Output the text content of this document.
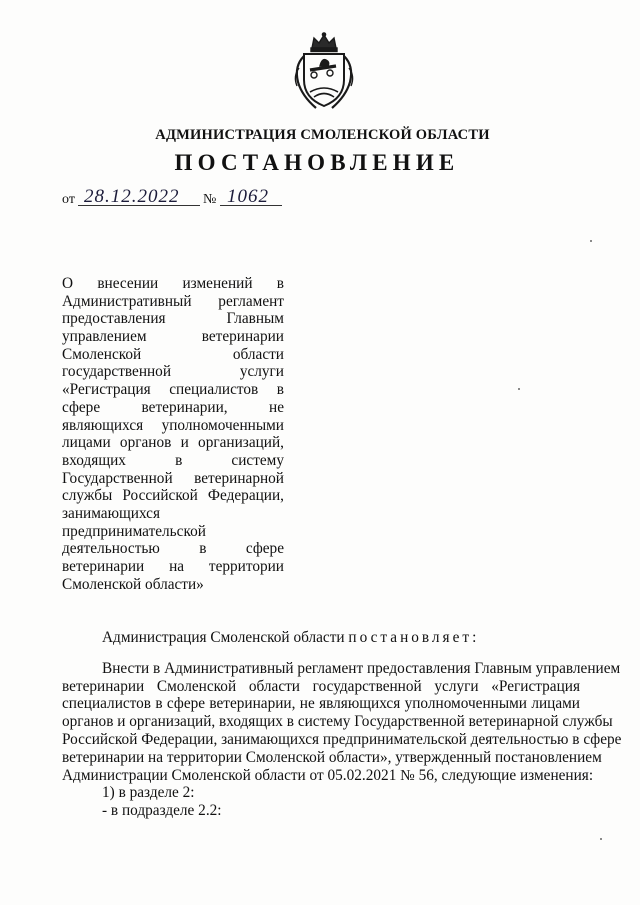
АДМИНИСТРАЦИЯ СМОЛЕНСКОЙ ОБЛАСТИ
ПОСТАНОВЛЕНИЕ
от 28.12.2022 № 1062
О внесении изменений в
Административный регламент
предоставления Главным
управлением ветеринарии
Смоленской области
государственной услуги
«Регистрация специалистов в
сфере ветеринарии, не
являющихся уполномоченными
лицами органов и организаций,
входящих в систему
Государственной ветеринарной
службы Российской Федерации,
занимающихся
предпринимательской
деятельностью в сфере
ветеринарии на территории
Смоленской области»
Администрация Смоленской области постановляет:
Внести в Административный регламент предоставления Главным управлением
ветеринарии Смоленской области государственной услуги «Регистрация
специалистов в сфере ветеринарии, не являющихся уполномоченными лицами
органов и организаций, входящих в систему Государственной ветеринарной службы
Российской Федерации, занимающихся предпринимательской деятельностью в сфере
ветеринарии на территории Смоленской области», утвержденный постановлением
Администрации Смоленской области от 05.02.2021 № 56, следующие изменения:
1) в разделе 2:
- в подразделе 2.2:
